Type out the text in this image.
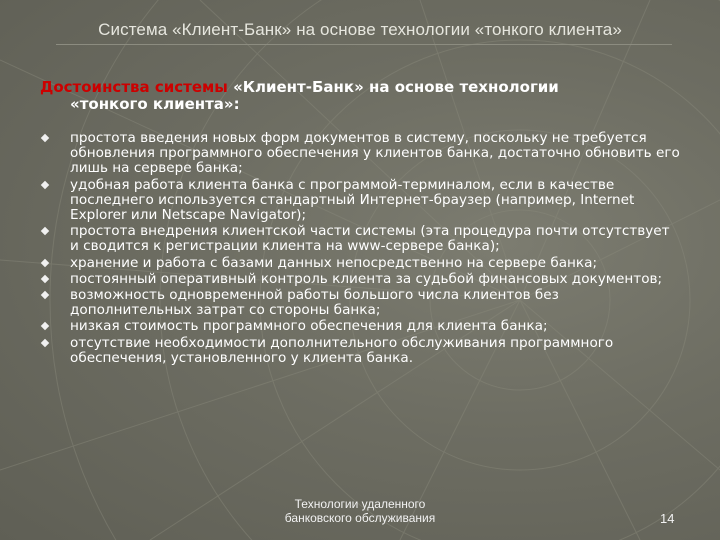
Система «Клиент-Банк» на основе технологии «тонкого клиента»
Достоинства системы «Клиент-Банк» на основе технологии
«тонкого клиента»:
простота введения новых форм документов в систему, поскольку не требуется обновления программного обеспечения у клиентов банка, достаточно обновить его лишь на сервере банка;
удобная работа клиента банка с программой-терминалом, если в качестве последнего используется стандартный Интернет-браузер (например, Internet Explorer или Netscape Navigator);
простота внедрения клиентской части системы (эта процедура почти отсутствует и сводится к регистрации клиента на www-сервере банка);
хранение и работа с базами данных непосредственно на сервере банка;
постоянный оперативный контроль клиента за судьбой финансовых документов;
возможность одновременной работы большого числа клиентов без дополнительных затрат со стороны банка;
низкая стоимость программного обеспечения для клиента банка;
отсутствие необходимости дополнительного обслуживания программного обеспечения, установленного у клиента банка.
Технологии удаленного
банковского обслуживания	14
